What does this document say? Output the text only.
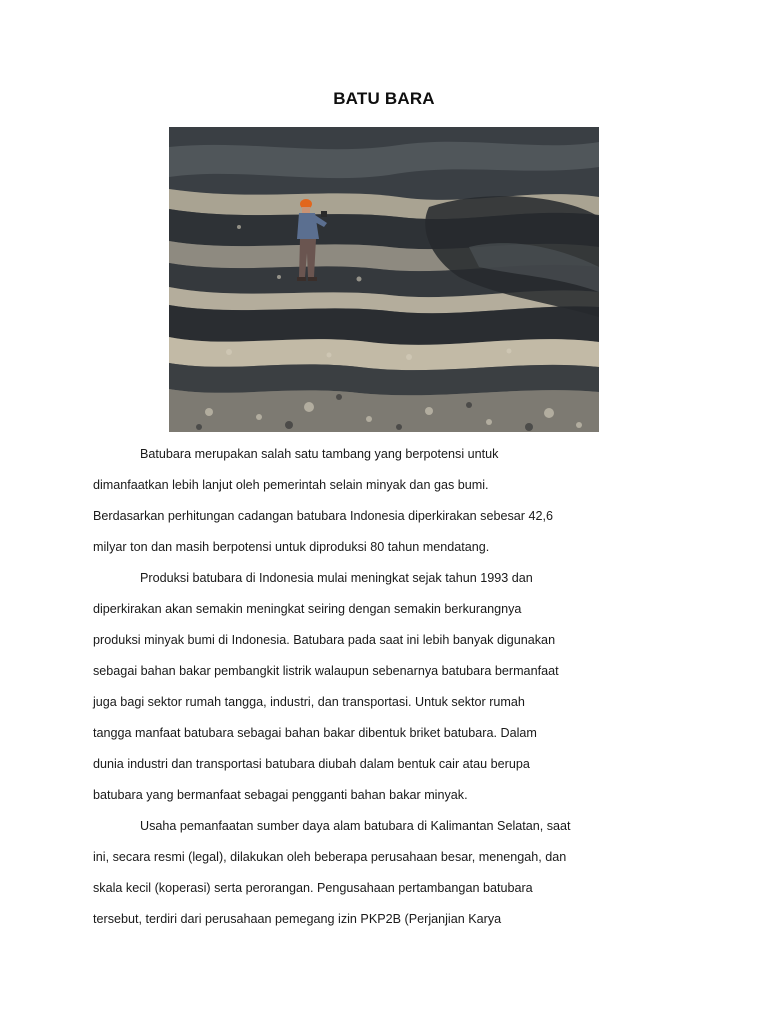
BATU BARA
Batubara merupakan salah satu tambang yang berpotensi untuk
dimanfaatkan lebih lanjut oleh pemerintah selain minyak dan gas bumi.
Berdasarkan perhitungan cadangan batubara Indonesia diperkirakan sebesar 42,6
milyar ton dan masih berpotensi untuk diproduksi 80 tahun mendatang.
Produksi batubara di Indonesia mulai meningkat sejak tahun 1993 dan
diperkirakan akan semakin meningkat seiring dengan semakin berkurangnya
produksi minyak bumi di Indonesia. Batubara pada saat ini lebih banyak digunakan
sebagai bahan bakar pembangkit listrik walaupun sebenarnya batubara bermanfaat
juga bagi sektor rumah tangga, industri, dan transportasi. Untuk sektor rumah
tangga manfaat batubara sebagai bahan bakar dibentuk briket batubara. Dalam
dunia industri dan transportasi batubara diubah dalam bentuk cair atau berupa
batubara yang bermanfaat sebagai pengganti bahan bakar minyak.
Usaha pemanfaatan sumber daya alam batubara di Kalimantan Selatan, saat
ini, secara resmi (legal), dilakukan oleh beberapa perusahaan besar, menengah, dan
skala kecil (koperasi) serta perorangan. Pengusahaan pertambangan batubara
tersebut, terdiri dari perusahaan pemegang izin PKP2B (Perjanjian Karya
